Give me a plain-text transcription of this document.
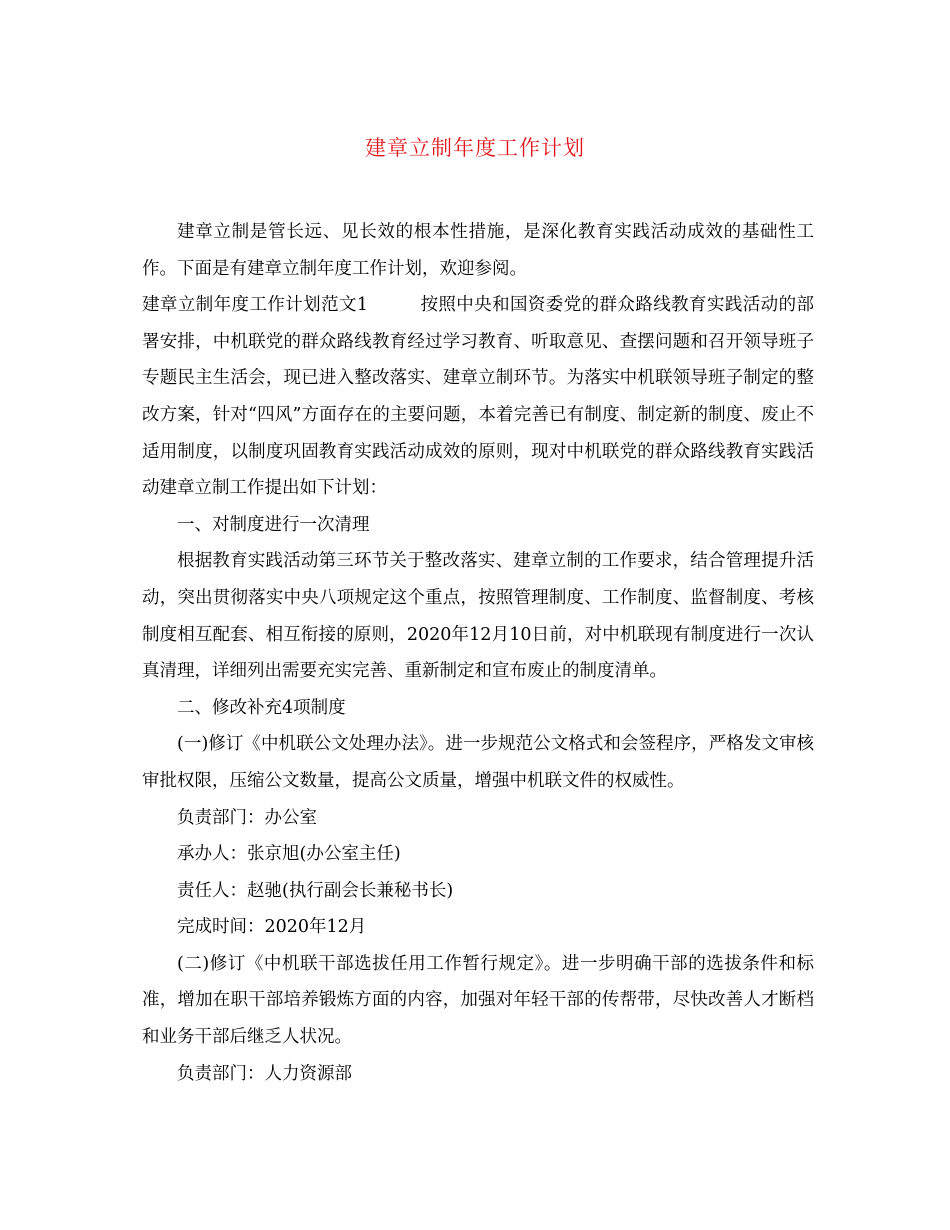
建章立制年度工作计划

建章立制是管长远、见长效的根本性措施，是深化教育实践活动成效的基础性工作。下面是有建章立制年度工作计划，欢迎参阅。

建章立制年度工作计划范文1	按照中央和国资委党的群众路线教育实践活动的部署安排，中机联党的群众路线教育经过学习教育、听取意见、查摆问题和召开领导班子专题民主生活会，现已进入整改落实、建章立制环节。为落实中机联领导班子制定的整改方案，针对“四风”方面存在的主要问题，本着完善已有制度、制定新的制度、废止不适用制度，以制度巩固教育实践活动成效的原则，现对中机联党的群众路线教育实践活动建章立制工作提出如下计划：

一、对制度进行一次清理

根据教育实践活动第三环节关于整改落实、建章立制的工作要求，结合管理提升活动，突出贯彻落实中央八项规定这个重点，按照管理制度、工作制度、监督制度、考核制度相互配套、相互衔接的原则，2020年12月10日前，对中机联现有制度进行一次认真清理，详细列出需要充实完善、重新制定和宣布废止的制度清单。

二、修改补充4项制度

(一)修订《中机联公文处理办法》。进一步规范公文格式和会签程序，严格发文审核审批权限，压缩公文数量，提高公文质量，增强中机联文件的权威性。

负责部门：办公室

承办人：张京旭(办公室主任)

责任人：赵驰(执行副会长兼秘书长)

完成时间：2020年12月

(二)修订《中机联干部选拔任用工作暂行规定》。进一步明确干部的选拔条件和标准，增加在职干部培养锻炼方面的内容，加强对年轻干部的传帮带，尽快改善人才断档和业务干部后继乏人状况。

负责部门：人力资源部
